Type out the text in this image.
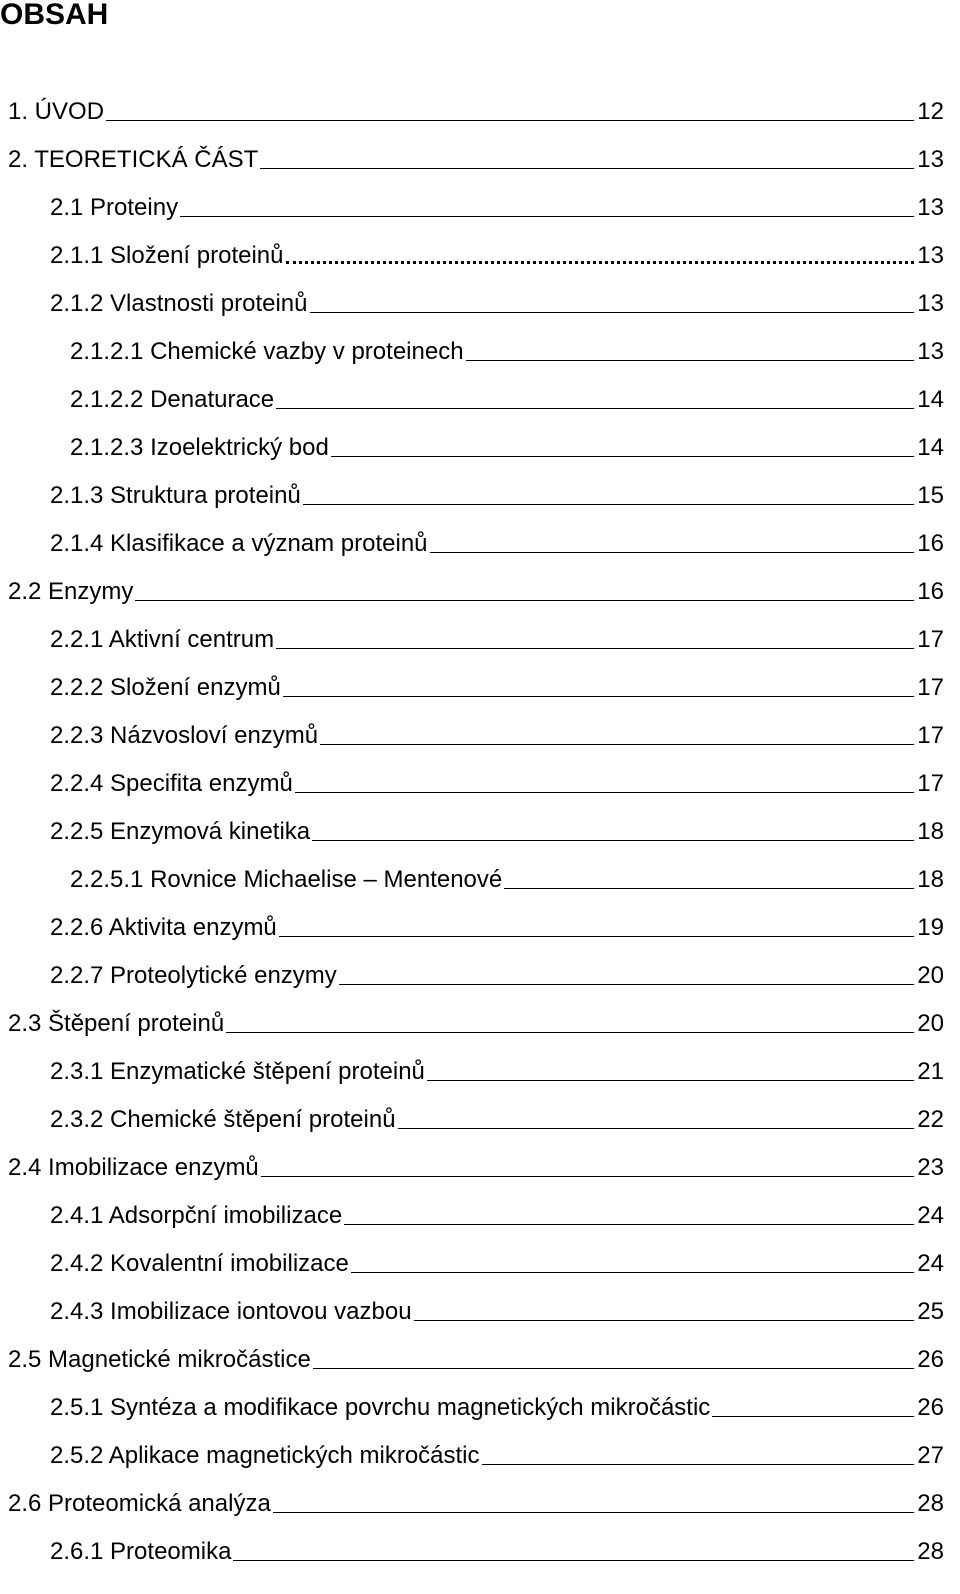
OBSAH
1. ÚVOD	12
2. TEORETICKÁ ČÁST	13
2.1 Proteiny	13
2.1.1 Složení proteinů	13
2.1.2 Vlastnosti proteinů	13
2.1.2.1 Chemické vazby v proteinech	13
2.1.2.2 Denaturace	14
2.1.2.3 Izoelektrický bod	14
2.1.3 Struktura proteinů	15
2.1.4 Klasifikace a význam proteinů	16
2.2 Enzymy	16
2.2.1 Aktivní centrum	17
2.2.2 Složení enzymů	17
2.2.3 Názvosloví enzymů	17
2.2.4 Specifita enzymů	17
2.2.5 Enzymová kinetika	18
2.2.5.1 Rovnice Michaelise – Mentenové	18
2.2.6 Aktivita enzymů	19
2.2.7 Proteolytické enzymy	20
2.3 Štěpení proteinů	20
2.3.1 Enzymatické štěpení proteinů	21
2.3.2 Chemické štěpení proteinů	22
2.4 Imobilizace enzymů	23
2.4.1 Adsorpční imobilizace	24
2.4.2 Kovalentní imobilizace	24
2.4.3 Imobilizace iontovou vazbou	25
2.5 Magnetické mikročástice	26
2.5.1 Syntéza a modifikace povrchu magnetických mikročástic	26
2.5.2 Aplikace magnetických mikročástic	27
2.6 Proteomická analýza	28
2.6.1 Proteomika	28
